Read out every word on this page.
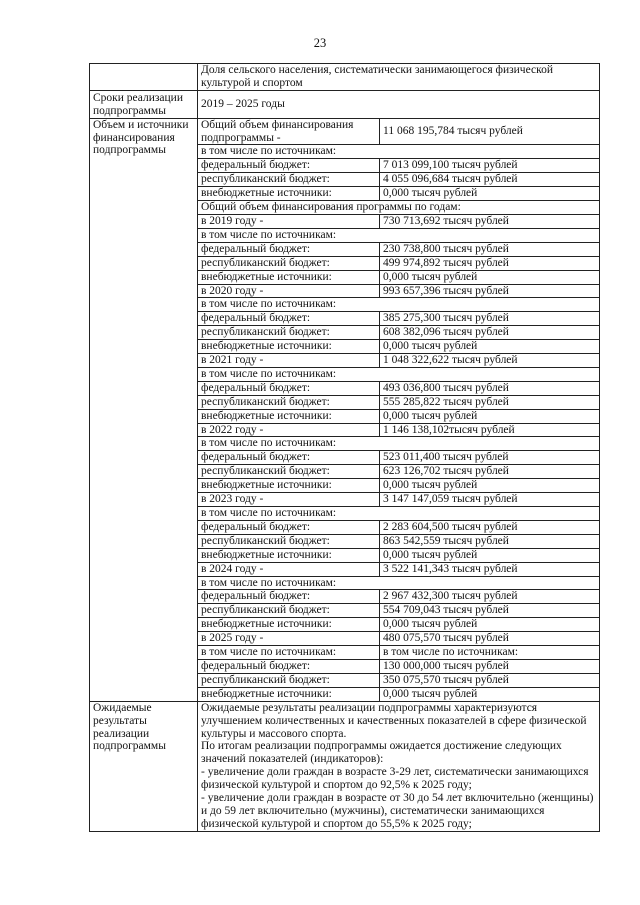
23
	Доля сельского населения, систематически занимающегося физической культурой и спортом
Сроки реализации подпрограммы	2019 – 2025 годы
Объем и источники финансирования подпрограммы	
Общий объем финансирования подпрограммы -	11 068 195,784 тысяч рублей
в том числе по источникам:
федеральный бюджет:	7 013 099,100 тысяч рублей
республиканский бюджет:	4 055 096,684 тысяч рублей
внебюджетные источники:	0,000 тысяч рублей
Общий объем финансирования программы по годам:
в 2019 году -	730 713,692 тысяч рублей
в том числе по источникам:
федеральный бюджет:	230 738,800 тысяч рублей
республиканский бюджет:	499 974,892 тысяч рублей
внебюджетные источники:	0,000 тысяч рублей
в 2020 году -	993 657,396 тысяч рублей
в том числе по источникам:
федеральный бюджет:	385 275,300 тысяч рублей
республиканский бюджет:	608 382,096 тысяч рублей
внебюджетные источники:	0,000 тысяч рублей
в 2021 году -	1 048 322,622 тысяч рублей
в том числе по источникам:
федеральный бюджет:	493 036,800 тысяч рублей
республиканский бюджет:	555 285,822 тысяч рублей
внебюджетные источники:	0,000 тысяч рублей
в 2022 году -	1 146 138,102тысяч рублей
в том числе по источникам:
федеральный бюджет:	523 011,400 тысяч рублей
республиканский бюджет:	623 126,702 тысяч рублей
внебюджетные источники:	0,000 тысяч рублей
в 2023 году -	3 147 147,059 тысяч рублей
в том числе по источникам:
федеральный бюджет:	2 283 604,500 тысяч рублей
республиканский бюджет:	863 542,559 тысяч рублей
внебюджетные источники:	0,000 тысяч рублей
в 2024 году -	3 522 141,343 тысяч рублей
в том числе по источникам:
федеральный бюджет:	2 967 432,300 тысяч рублей
республиканский бюджет:	554 709,043 тысяч рублей
внебюджетные источники:	0,000 тысяч рублей
в 2025 году -	480 075,570 тысяч рублей
в том числе по источникам:	в том числе по источникам:
федеральный бюджет:	130 000,000 тысяч рублей
республиканский бюджет:	350 075,570 тысяч рублей
внебюджетные источники:	0,000 тысяч рублей

Ожидаемые результаты реализации подпрограммы	

Ожидаемые результаты реализации подпрограммы характеризуются улучшением количественных и качественных показателей в сфере физической культуры и массового спорта.

По итогам реализации подпрограммы ожидается достижение следующих значений показателей (индикаторов):

- увеличение доли граждан в возрасте 3-29 лет, систематически занимающихся физической культурой и спортом до 92,5% к 2025 году;

- увеличение доли граждан в возрасте от 30 до 54 лет включительно (женщины) и до 59 лет включительно (мужчины), систематически занимающихся физической культурой и спортом до 55,5% к 2025 году;
